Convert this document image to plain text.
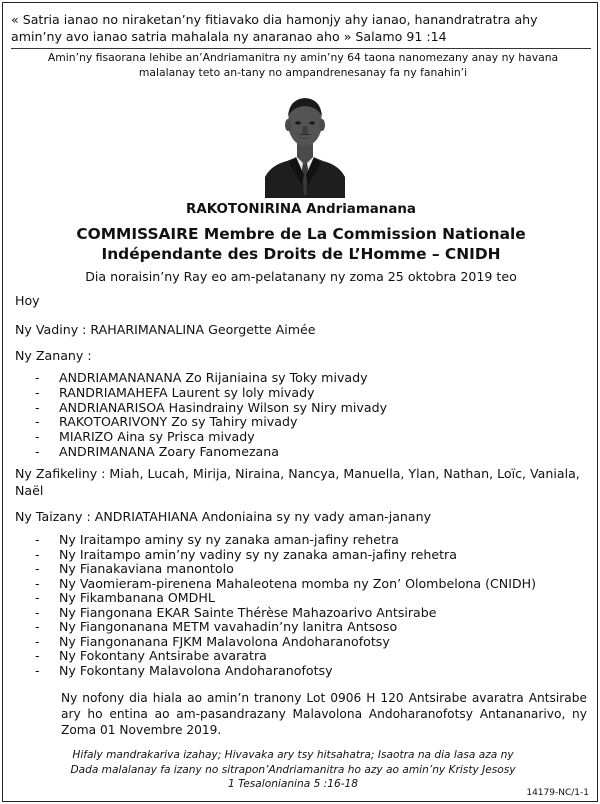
« Satria ianao no niraketan’ny fitiavako dia hamonjy ahy ianao, hanandratratra ahy amin’ny avo ianao satria mahalala ny anaranao aho » Salamo 91 :14
Amin’ny fisaorana lehibe an’Andriamanitra ny amin’ny 64 taona nanomezany anay ny havana malalanay teto an-tany no ampandrenesanay fa ny fanahin’i
RAKOTONIRINA Andriamanana
COMMISSAIRE Membre de La Commission Nationale
Indépendante des Droits de L’Homme – CNIDH
Dia noraisin’ny Ray eo am-pelatanany ny zoma 25 oktobra 2019 teo
Hoy
Ny Vadiny : RAHARIMANALINA Georgette Aimée
Ny Zanany :
- ANDRIAMANANANA Zo Rijaniaina sy Toky mivady
- RANDRIAMAHEFA Laurent sy loly mivady
- ANDRIANARISOA Hasindrainy Wilson sy Niry mivady
- RAKOTOARIVONY Zo sy Tahiry mivady
- MIARIZO Aina sy Prisca mivady
- ANDRIMANANA Zoary Fanomezana
Ny Zafikeliny : Miah, Lucah, Mirija, Niraina, Nancya, Manuella, Ylan, Nathan, Loïc, Vaniala, Naël
Ny Taizany : ANDRIATAHIANA Andoniaina sy ny vady aman-janany
- Ny Iraitampo aminy sy ny zanaka aman-jafiny rehetra
- Ny Iraitampo amin’ny vadiny sy ny zanaka aman-jafiny rehetra
- Ny Fianakaviana manontolo
- Ny Vaomieram-pirenena Mahaleotena momba ny Zon’ Olombelona (CNIDH)
- Ny Fikambanana OMDHL
- Ny Fiangonana EKAR Sainte Thérèse Mahazoarivo Antsirabe
- Ny Fiangonanana METM vavahadin’ny lanitra Antsoso
- Ny Fiangonanana FJKM Malavolona Andoharanofotsy
- Ny Fokontany Antsirabe avaratra
- Ny Fokontany Malavolona Andoharanofotsy
Ny nofony dia hiala ao amin’n tranony Lot 0906 H 120 Antsirabe avaratra Antsirabe ary ho entina ao am-pasandrazany Malavolona Andoharanofotsy Antananarivo, ny Zoma 01 Novembre 2019.
Hifaly mandrakariva izahay; Hivavaka ary tsy hitsahatra; Isaotra na dia lasa aza ny
Dada malalanay fa izany no sitrapon’Andriamanitra ho azy ao amin’ny Kristy Jesosy
1 Tesalonianina 5 :16-18
14179-NC/1-1
